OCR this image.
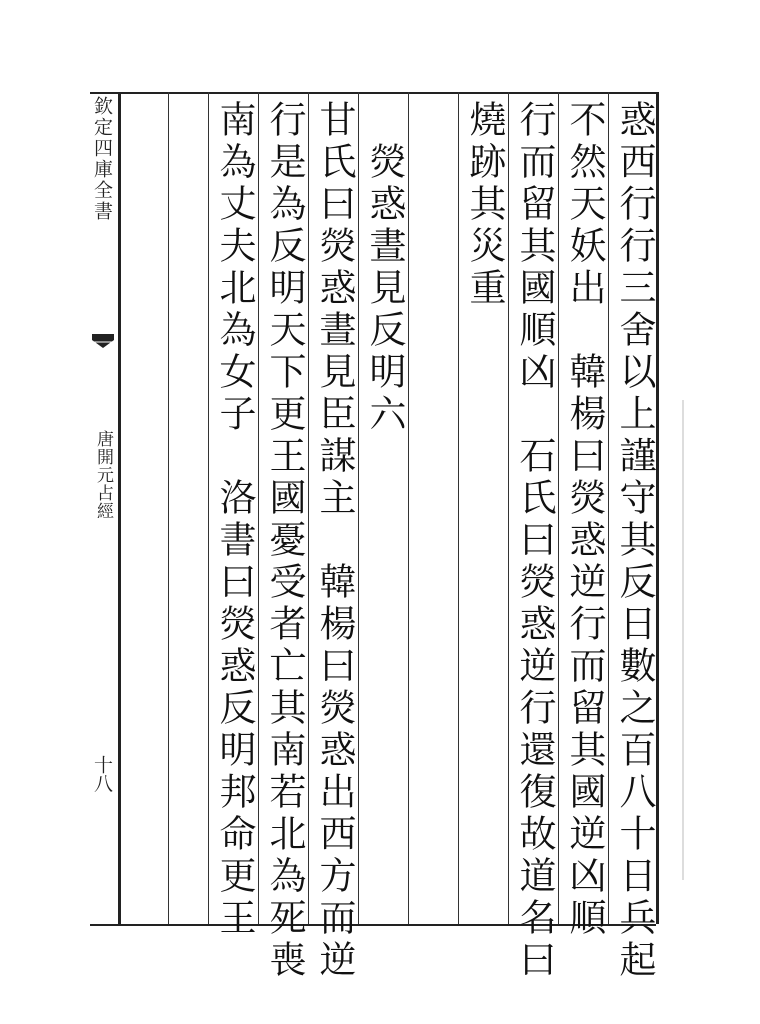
惑西行行三舍以上謹守其反日數之百八十日兵起
不然天妖出　韓楊曰熒惑逆行而留其國逆凶順
行而留其國順凶　石氏曰熒惑逆行還復故道名曰
燒跡其災重
　熒惑晝見反明六
甘氏曰熒惑晝見臣謀主　韓楊曰熒惑出西方而逆
行是為反明天下更王國憂受者亡其南若北為死喪
南為丈夫北為女子　洛書曰熒惑反明邦命更王
欽定四庫全書
唐開元占經
十八
